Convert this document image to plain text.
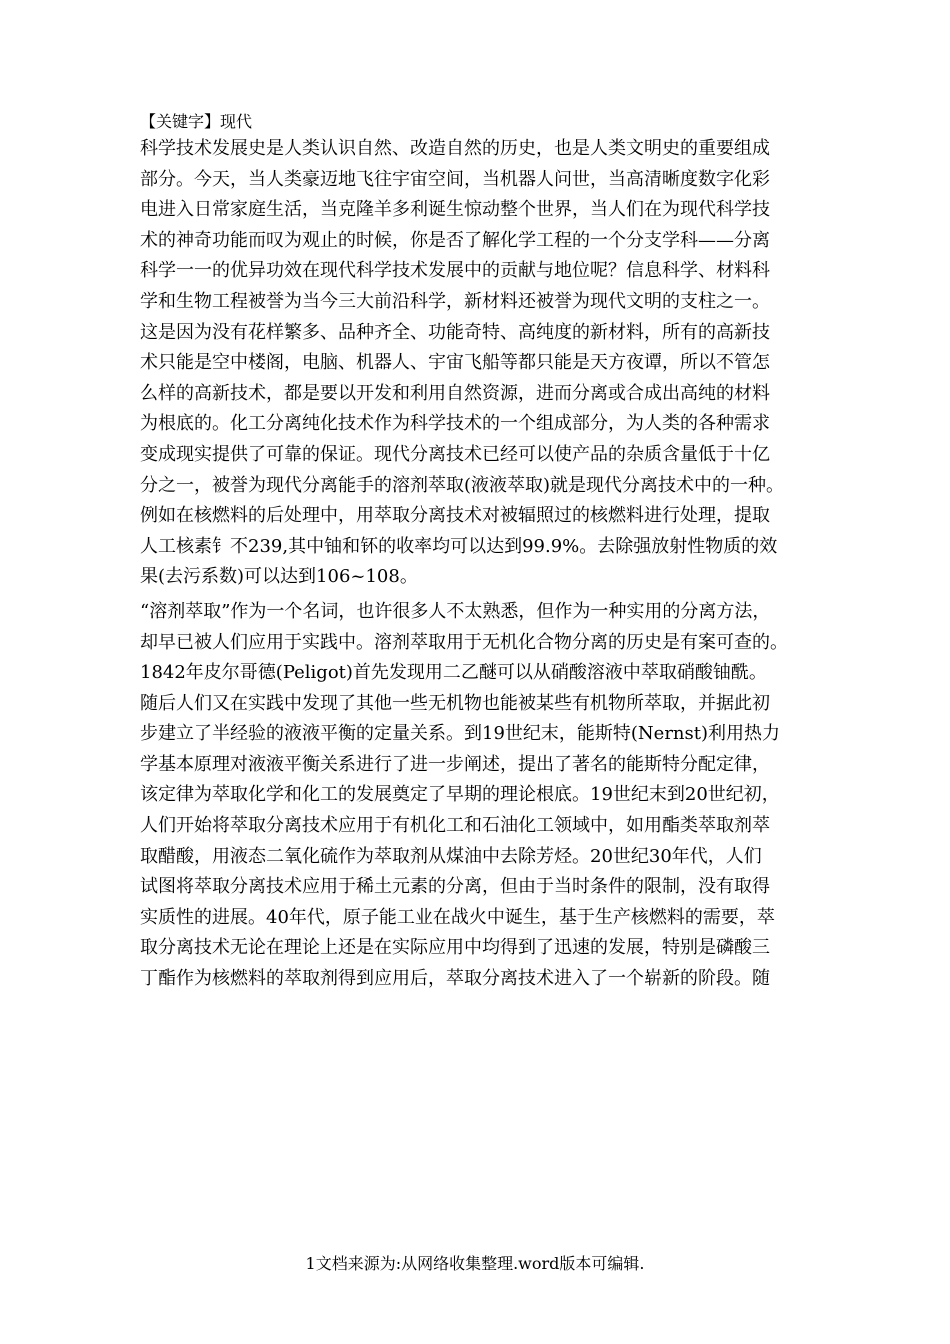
【关键字】现代
科学技术发展史是人类认识自然、改造自然的历史，也是人类文明史的重要组成
部分。今天，当人类豪迈地飞往宇宙空间，当机器人问世，当高清晰度数字化彩
电进入日常家庭生活，当克隆羊多利诞生惊动整个世界，当人们在为现代科学技
术的神奇功能而叹为观止的时候，你是否了解化学工程的一个分支学科——分离
科学一一的优异功效在现代科学技术发展中的贡献与地位呢？信息科学、材料科
学和生物工程被誉为当今三大前沿科学，新材料还被誉为现代文明的支柱之一。
这是因为没有花样繁多、品种齐全、功能奇特、高纯度的新材料，所有的高新技
术只能是空中楼阁，电脑、机器人、宇宙飞船等都只能是天方夜谭，所以不管怎
么样的高新技术，都是要以开发和利用自然资源，进而分离或合成出高纯的材料
为根底的。化工分离纯化技术作为科学技术的一个组成部分，为人类的各种需求
变成现实提供了可靠的保证。现代分离技术已经可以使产品的杂质含量低于十亿
分之一，被誉为现代分离能手的溶剂萃取(液液萃取)就是现代分离技术中的一种。
例如在核燃料的后处理中，用萃取分离技术对被辐照过的核燃料进行处理，提取
人工核素钅不239,其中铀和钚的收率均可以达到99.9%。去除强放射性物质的效
果(去污系数)可以达到106~108。
“溶剂萃取”作为一个名词，也许很多人不太熟悉，但作为一种实用的分离方法，
却早已被人们应用于实践中。溶剂萃取用于无机化合物分离的历史是有案可查的。
1842年皮尔哥德(Peligot)首先发现用二乙醚可以从硝酸溶液中萃取硝酸铀酰。
随后人们又在实践中发现了其他一些无机物也能被某些有机物所萃取，并据此初
步建立了半经验的液液平衡的定量关系。到19世纪末，能斯特(Nernst)利用热力
学基本原理对液液平衡关系进行了进一步阐述，提出了著名的能斯特分配定律，
该定律为萃取化学和化工的发展奠定了早期的理论根底。19世纪末到20世纪初，
人们开始将萃取分离技术应用于有机化工和石油化工领域中，如用酯类萃取剂萃
取醋酸，用液态二氧化硫作为萃取剂从煤油中去除芳烃。20世纪30年代，人们
试图将萃取分离技术应用于稀土元素的分离，但由于当时条件的限制，没有取得
实质性的进展。40年代，原子能工业在战火中诞生，基于生产核燃料的需要，萃
取分离技术无论在理论上还是在实际应用中均得到了迅速的发展，特别是磷酸三
丁酯作为核燃料的萃取剂得到应用后，萃取分离技术进入了一个崭新的阶段。随
1文档来源为:从网络收集整理.word版本可编辑.
